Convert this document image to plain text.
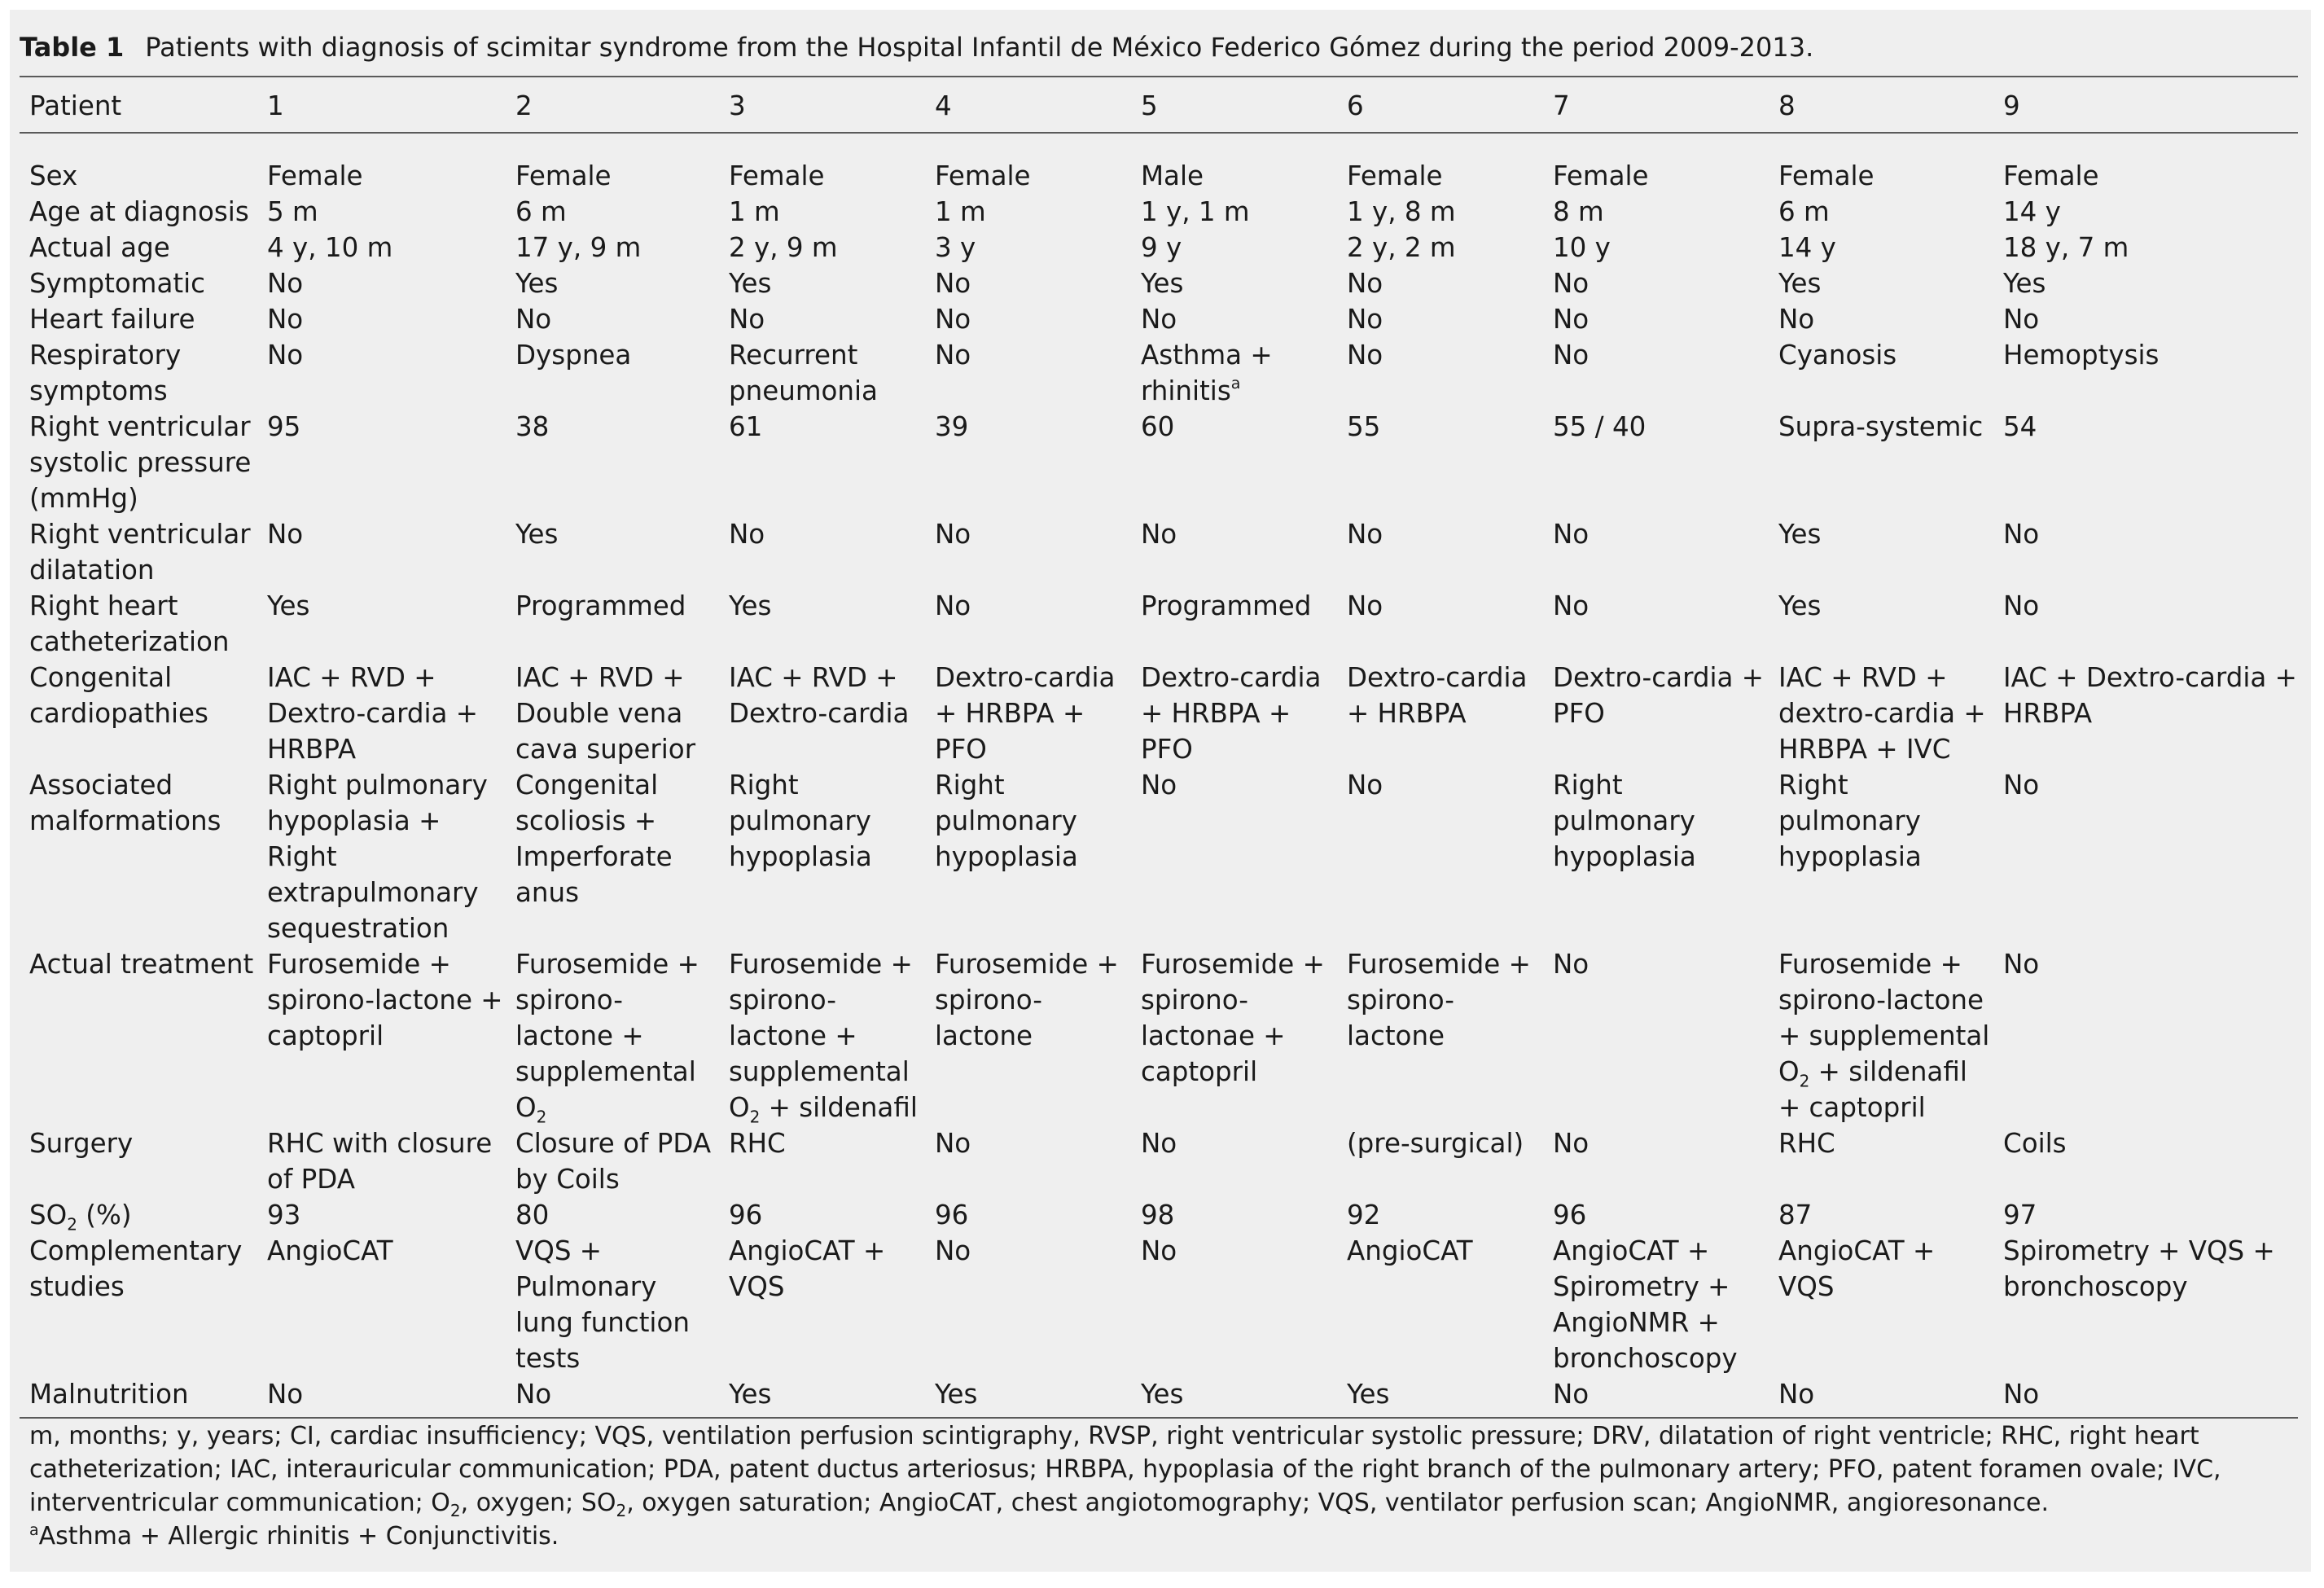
Table 1 Patients with diagnosis of scimitar syndrome from the Hospital Infantil de México Federico Gómez during the period 2009-2013.
Patient	1	2	3	4	5	6	7	8	9
Sex	Female	Female	Female	Female	Male	Female	Female	Female	Female
Age at diagnosis	5 m	6 m	1 m	1 m	1 y, 1 m	1 y, 8 m	8 m	6 m	14 y
Actual age	4 y, 10 m	17 y, 9 m	2 y, 9 m	3 y	9 y	2 y, 2 m	10 y	14 y	18 y, 7 m
Symptomatic	No	Yes	Yes	No	Yes	No	No	Yes	Yes
Heart failure	No	No	No	No	No	No	No	No	No
Respiratory symptoms	No	Dyspnea	Recurrent pneumonia	No	Asthma + rhinitis$^a$	No	No	Cyanosis	Hemoptysis
Right ventricular systolic pressure (mmHg)	95	38	61	39	60	55	55 / 40	Supra-systemic	54
Right ventricular dilatation	No	Yes	No	No	No	No	No	Yes	No
Right heart catheterization	Yes	Programmed	Yes	No	Programmed	No	No	Yes	No
Congenital cardiopathies	IAC + RVD + Dextro-cardia + HRBPA	IAC + RVD + Double vena cava superior	IAC + RVD + Dextro-cardia	Dextro-cardia + HRBPA + PFO	Dextro-cardia + HRBPA + PFO	Dextro-cardia + HRBPA	Dextro-cardia + PFO	IAC + RVD + dextro-cardia + HRBPA + IVC	IAC + Dextro-cardia + HRBPA
Associated malformations	Right pulmonary hypoplasia + Right extrapulmonary sequestration	Congenital scoliosis + Imperforate anus	Right pulmonary hypoplasia	Right pulmonary hypoplasia	No	No	Right pulmonary hypoplasia	Right pulmonary hypoplasia	No
Actual treatment	Furosemide + spirono-lactone + captopril	Furosemide + spirono-lactone + supplemental $O_2$	Furosemide + spirono-lactone + supplemental $O_2$ + sildenafil	Furosemide + spirono-lactone	Furosemide + spirono-lactonae + captopril	Furosemide + spirono-lactone	No	Furosemide + spirono-lactone + supplemental $O_2$ + sildenafil + captopril	No
Surgery	RHC with closure of PDA	Closure of PDA by Coils	RHC	No	No	(pre-surgical)	No	RHC	Coils
$SO_2$ (%)	93	80	96	96	98	92	96	87	97
Complementary studies	AngioCAT	VQS + Pulmonary lung function tests	AngioCAT + VQS	No	No	AngioCAT	AngioCAT + Spirometry + AngioNMR + bronchoscopy	AngioCAT + VQS	Spirometry + VQS + bronchoscopy
Malnutrition	No	No	Yes	Yes	Yes	Yes	No	No	No
m, months; y, years; CI, cardiac insufficiency; VQS, ventilation perfusion scintigraphy, RVSP, right ventricular systolic pressure; DRV, dilatation of right ventricle; RHC, right heart catheterization; IAC, interauricular communication; PDA, patent ductus arteriosus; HRBPA, hypoplasia of the right branch of the pulmonary artery; PFO, patent foramen ovale; IVC, interventricular communication; $O_2$, oxygen; $SO_2$, oxygen saturation; AngioCAT, chest angiotomography; VQS, ventilator perfusion scan; AngioNMR, angioresonance.
$^a$Asthma + Allergic rhinitis + Conjunctivitis.
